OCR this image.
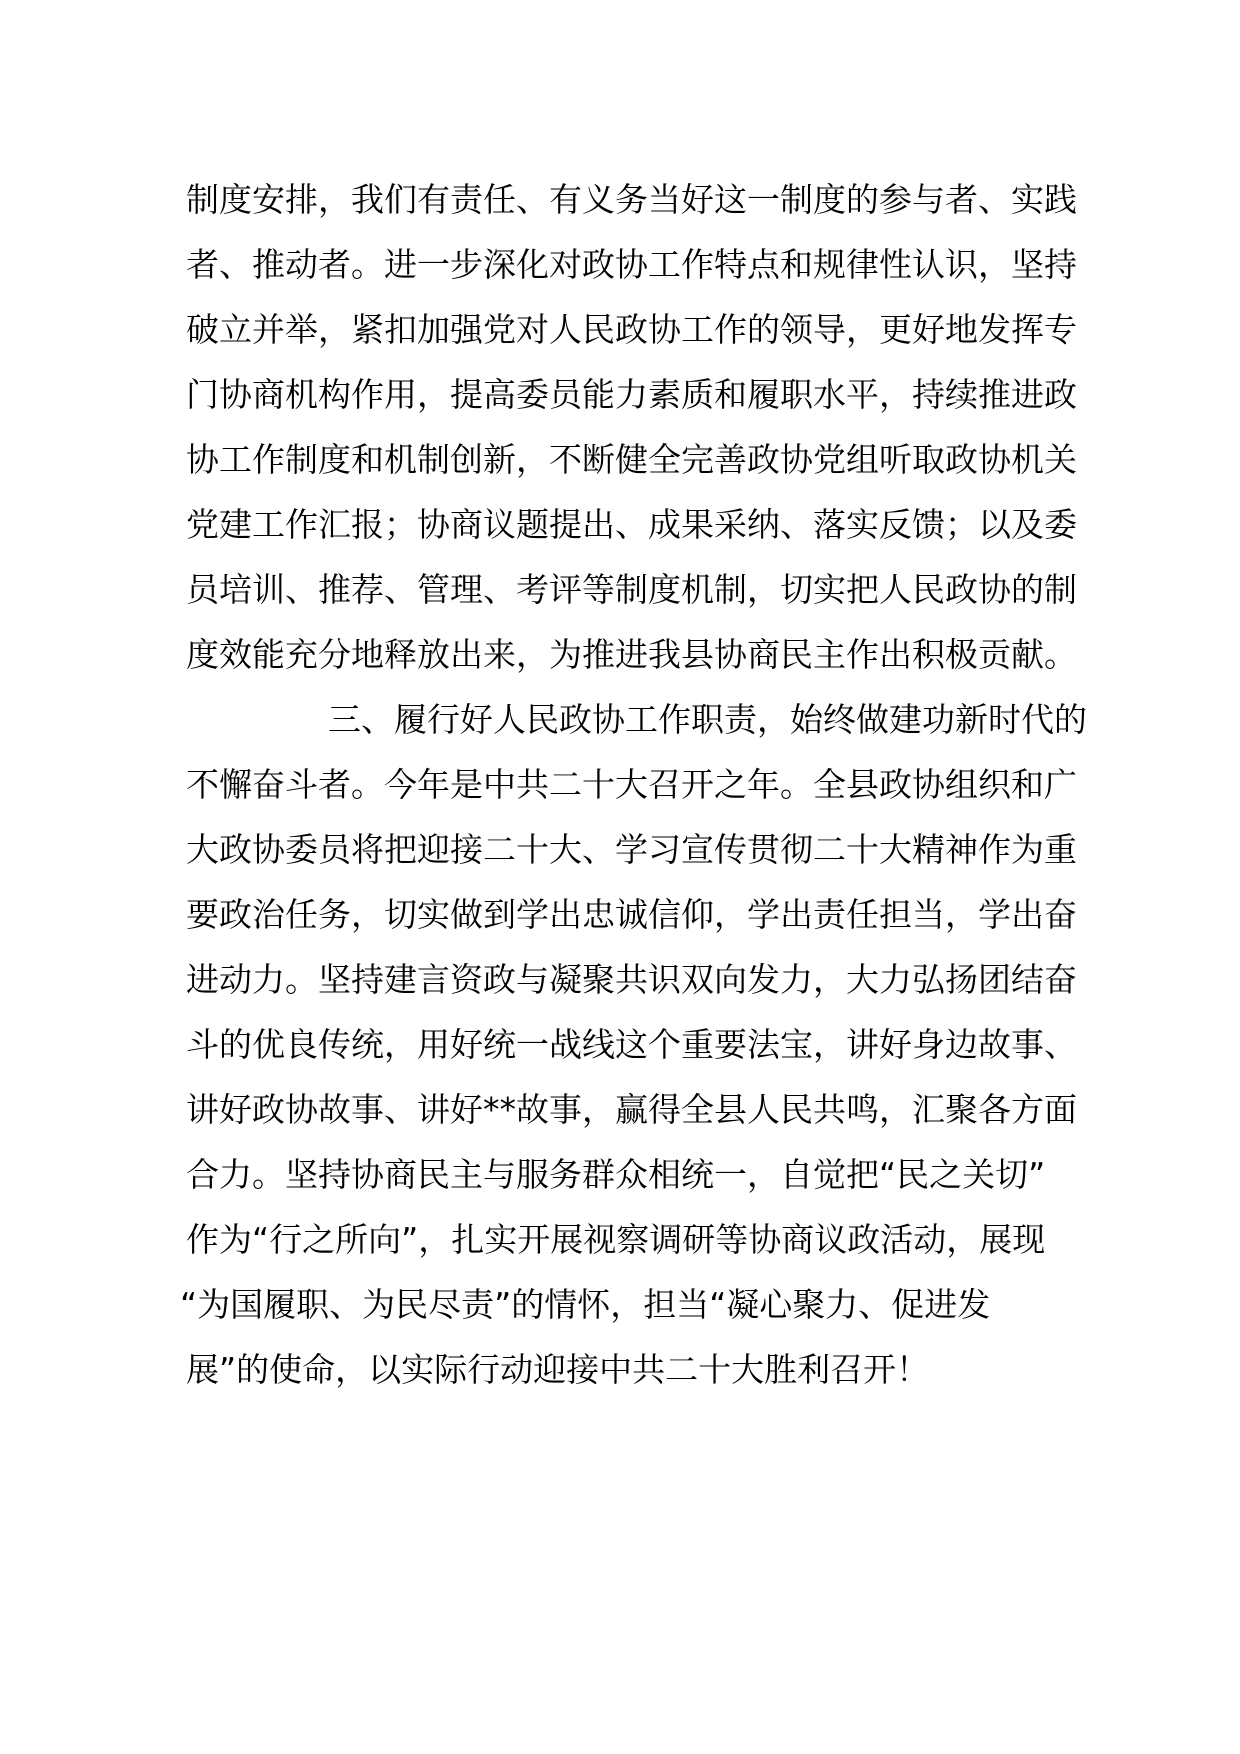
制度安排，我们有责任、有义务当好这一制度的参与者、实践
者、推动者。进一步深化对政协工作特点和规律性认识，坚持
破立并举，紧扣加强党对人民政协工作的领导，更好地发挥专
门协商机构作用，提高委员能力素质和履职水平，持续推进政
协工作制度和机制创新，不断健全完善政协党组听取政协机关
党建工作汇报；协商议题提出、成果采纳、落实反馈；以及委
员培训、推荐、管理、考评等制度机制，切实把人民政协的制
度效能充分地释放出来，为推进我县协商民主作出积极贡献。
三、履行好人民政协工作职责，始终做建功新时代的
不懈奋斗者。今年是中共二十大召开之年。全县政协组织和广
大政协委员将把迎接二十大、学习宣传贯彻二十大精神作为重
要政治任务，切实做到学出忠诚信仰，学出责任担当，学出奋
进动力。坚持建言资政与凝聚共识双向发力，大力弘扬团结奋
斗的优良传统，用好统一战线这个重要法宝，讲好身边故事、
讲好政协故事、讲好**故事，赢得全县人民共鸣，汇聚各方面
合力。坚持协商民主与服务群众相统一，自觉把“民之关切”
作为“行之所向”，扎实开展视察调研等协商议政活动，展现
“为国履职、为民尽责”的情怀，担当“凝心聚力、促进发
展”的使命，以实际行动迎接中共二十大胜利召开！
